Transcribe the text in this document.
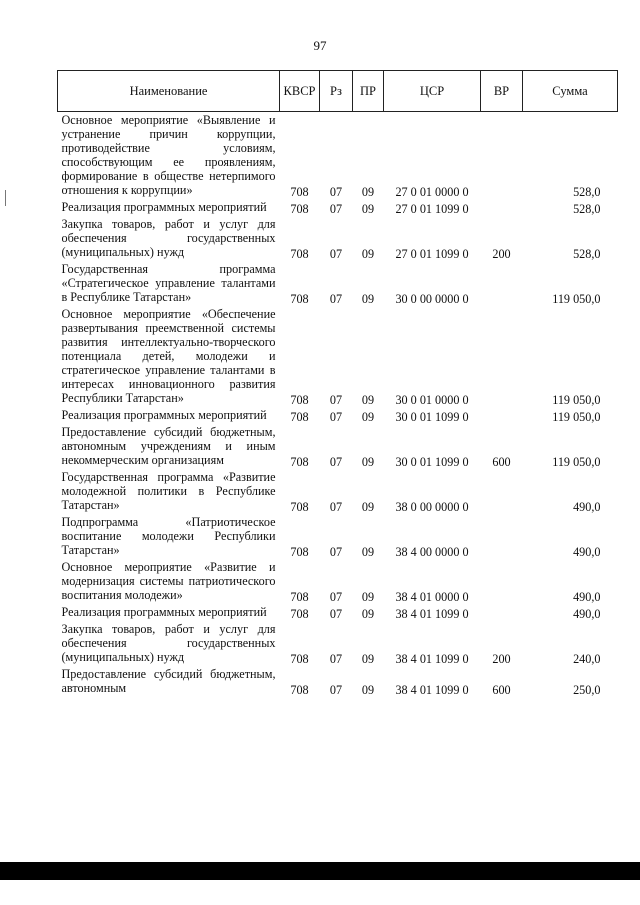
97
Наименование	КВСР	Рз	ПР	ЦСР	ВР	Сумма
Основное мероприятие «Выявление и устранение причин коррупции, противодействие условиям, способствующим ее проявлениям, формирование в обществе нетерпимого отношения к коррупции»	708	07	09	27 0 01 0000 0		528,0
Реализация программных мероприятий	708	07	09	27 0 01 1099 0		528,0
Закупка товаров, работ и услуг для обеспечения государственных (муниципальных) нужд	708	07	09	27 0 01 1099 0	200	528,0
Государственная программа «Стратегическое управление талантами в Республике Татарстан»	708	07	09	30 0 00 0000 0		119 050,0
Основное мероприятие «Обеспечение развертывания преемственной системы развития интеллектуально-творческого потенциала детей, молодежи и стратегическое управление талантами в интересах инновационного развития Республики Татарстан»	708	07	09	30 0 01 0000 0		119 050,0
Реализация программных мероприятий	708	07	09	30 0 01 1099 0		119 050,0
Предоставление субсидий бюджетным, автономным учреждениям и иным некоммерческим организациям	708	07	09	30 0 01 1099 0	600	119 050,0
Государственная программа «Развитие молодежной политики в Республике Татарстан»	708	07	09	38 0 00 0000 0		490,0
Подпрограмма «Патриотическое воспитание молодежи Республики Татарстан»	708	07	09	38 4 00 0000 0		490,0
Основное мероприятие «Развитие и модернизация системы патриотического воспитания молодежи»	708	07	09	38 4 01 0000 0		490,0
Реализация программных мероприятий	708	07	09	38 4 01 1099 0		490,0
Закупка товаров, работ и услуг для обеспечения государственных (муниципальных) нужд	708	07	09	38 4 01 1099 0	200	240,0
Предоставление субсидий бюджетным, автономным	708	07	09	38 4 01 1099 0	600	250,0
